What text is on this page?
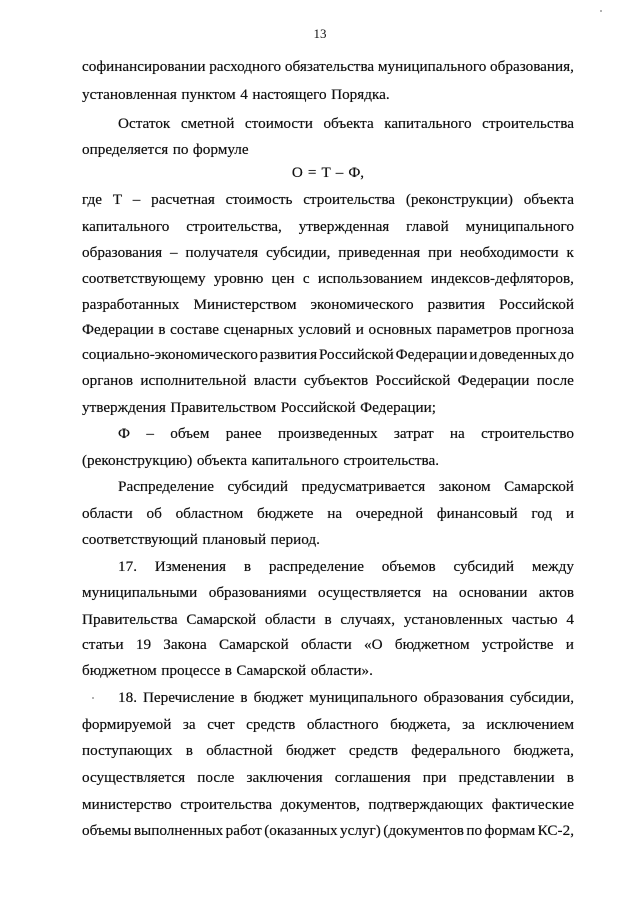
13
софинансировании расходного обязательства муниципального образования,
установленная пунктом 4 настоящего Порядка.
Остаток сметной стоимости объекта капитального строительства
определяется по формуле
О = Т – Ф,
где Т – расчетная стоимость строительства (реконструкции) объекта
капитального строительства, утвержденная главой муниципального
образования – получателя субсидии, приведенная при необходимости к
соответствующему уровню цен с использованием индексов-дефляторов,
разработанных Министерством экономического развития Российской
Федерации в составе сценарных условий и основных параметров прогноза
социально-экономического развития Российской Федерации и доведенных до
органов исполнительной власти субъектов Российской Федерации после
утверждения Правительством Российской Федерации;
Ф – объем ранее произведенных затрат на строительство
(реконструкцию) объекта капитального строительства.
Распределение субсидий предусматривается законом Самарской
области об областном бюджете на очередной финансовый год и
соответствующий плановый период.
17. Изменения в распределение объемов субсидий между
муниципальными образованиями осуществляется на основании актов
Правительства Самарской области в случаях, установленных частью 4
статьи 19 Закона Самарской области «О бюджетном устройстве и
бюджетном процессе в Самарской области».
18. Перечисление в бюджет муниципального образования субсидии,
формируемой за счет средств областного бюджета, за исключением
поступающих в областной бюджет средств федерального бюджета,
осуществляется после заключения соглашения при представлении в
министерство строительства документов, подтверждающих фактические
объемы выполненных работ (оказанных услуг) (документов по формам КС-2,
